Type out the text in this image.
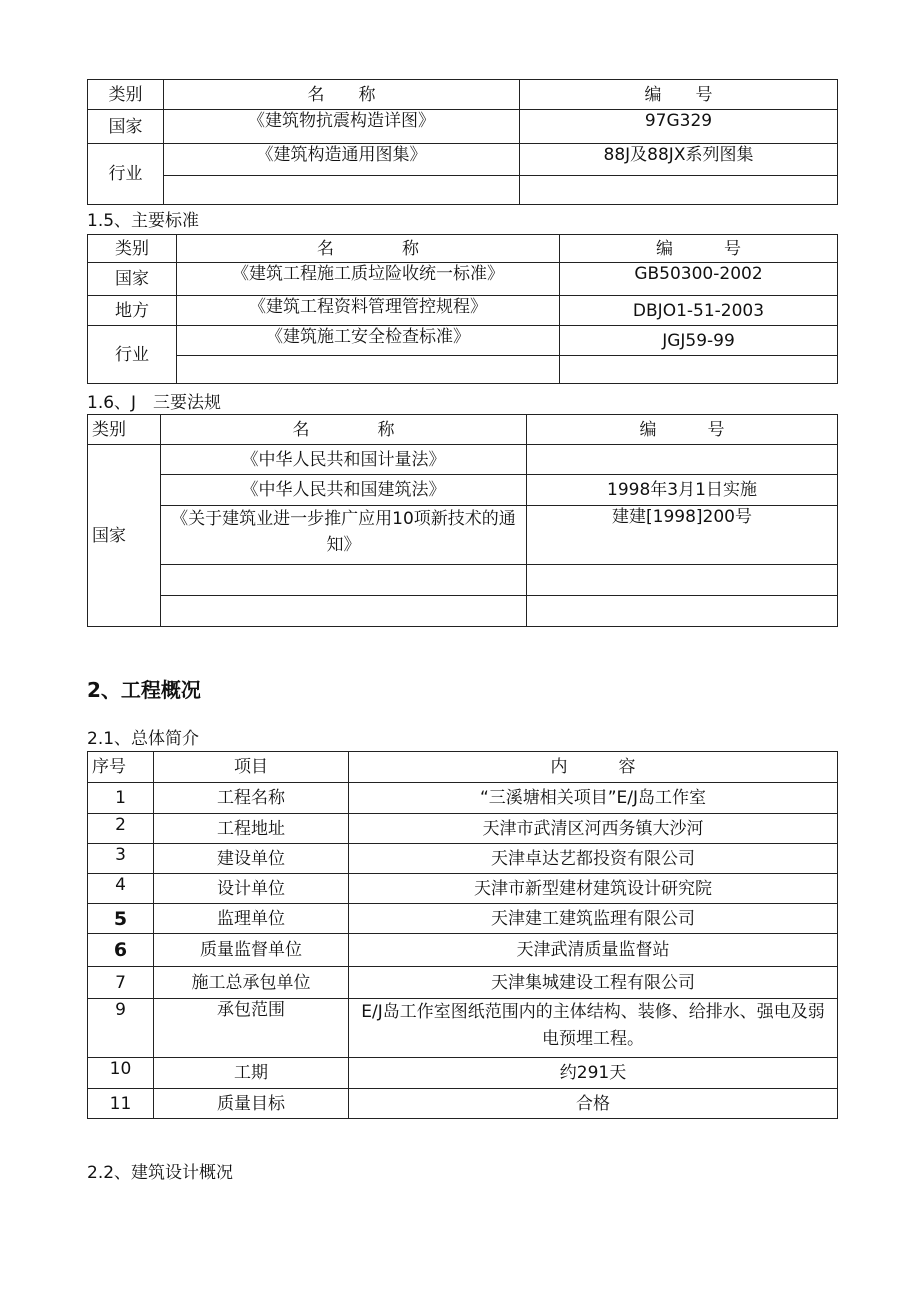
类别	名　　称	编　　号
国家	《建筑物抗震构造详图》	97G329
行业	《建筑构造通用图集》	88J及88JX系列图集

1.5、主要标准
类别	名　　　　称	编　　　号
国家	《建筑工程施工质垃险收统一标准》	GB50300-2002
地方	《建筑工程资料管理管控规程》	DBJO1-51-2003
行业	《建筑施工安全检查标准》	JGJ59-99

1.6、J　三要法规
类别	名　　　　称	编　　　号
国家	《中华人民共和国计量法》	
	《中华人民共和国建筑法》	1998年3月1日实施
	《关于建筑业进一步推广应用10项新技术的通知》	建建[1998]200号

2、工程概况
2.1、总体简介
序号	项目	内　　　容
1	工程名称	“三溪塘相关项目”E/J岛工作室
2	工程地址	天津市武清区河西务镇大沙河
3	建设单位	天津卓达艺都投资有限公司
4	设计单位	天津市新型建材建筑设计研究院
5	监理单位	天津建工建筑监理有限公司
6	质量监督单位	天津武清质量监督站
7	施工总承包单位	天津集城建设工程有限公司
9	承包范围	E/J岛工作室图纸范围内的主体结构、装修、给排水、强电及弱电预埋工程。
10	工期	约291天
11	质量目标	合格
2.2、建筑设计概况
